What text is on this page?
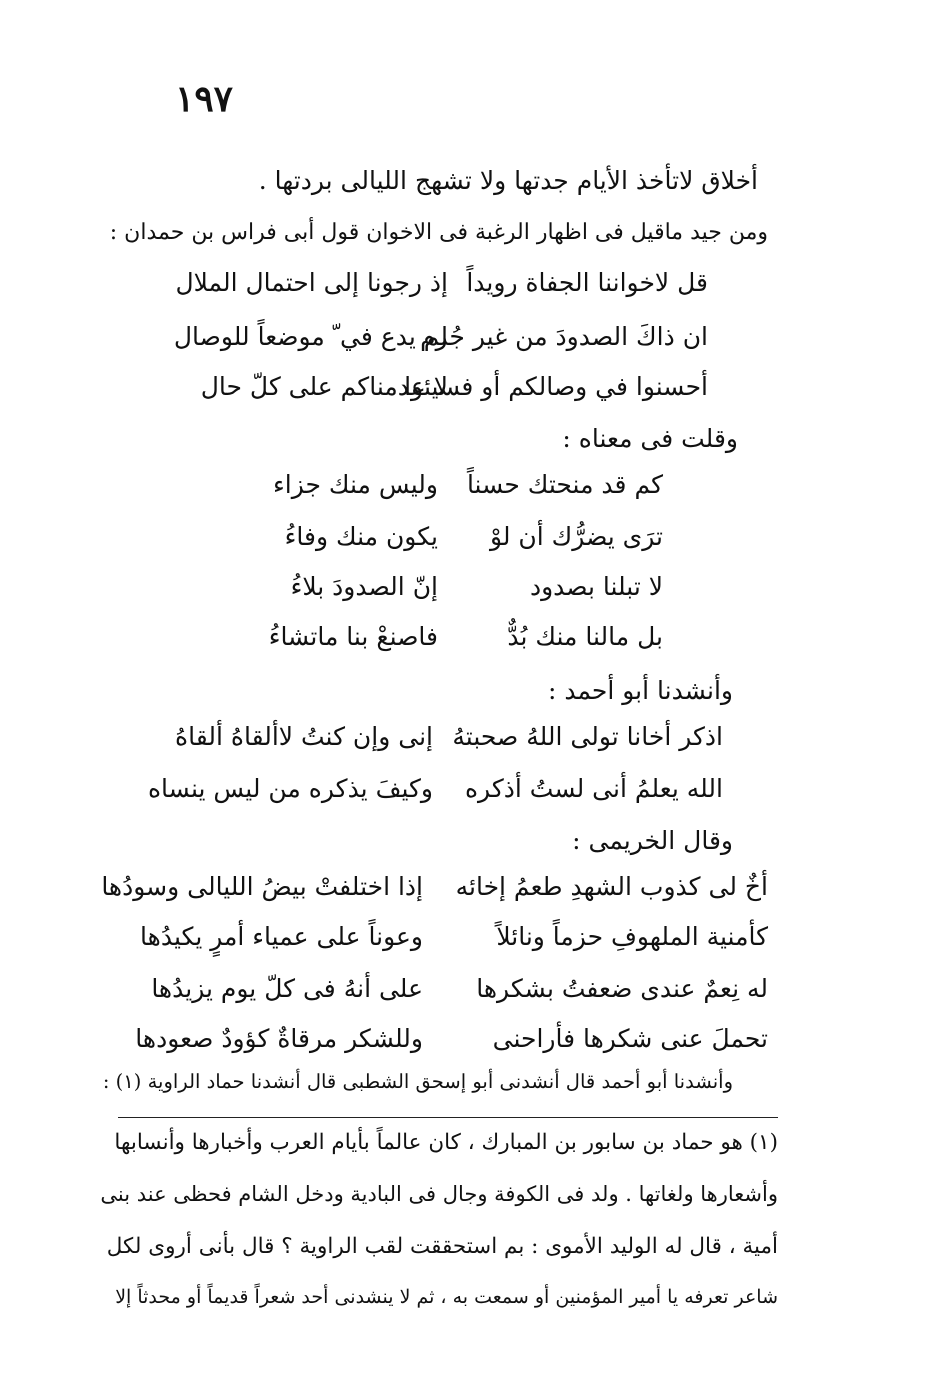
١٩٧
أخلاق لاتأخذ الأيام جدتها ولا تشهج الليالى بردتها .
ومن جيد ماقيل فى اظهار الرغبة فى الاخوان قول أبى فراس بن حمدان :
قل لاخواننا الجفاة رويداً
إذ رجونا إلى احتمال الملال
ان ذاكَ الصدودَ من غير جُرم
لم يدع في ّ موضعاً للوصال
أحسنوا في وصالكم أو فسيئوا
لا عدمناكم على كلّ حال
وقلت فى معناه :
كم قد منحتك حسناً
وليس منك جزاء
ترَى يضرُّك أن لوْ
يكون منك وفاءُ
لا تبلنا بصدود
إنّ الصدودَ بلاءُ
بل مالنا منك بُدٌّ
فاصنعْ بنا ماتشاءُ
وأنشدنا أبو أحمد :
اذكر أخانا تولى اللهُ صحبتهُ
إنى وإن كنتُ لاألقاهُ ألقاهُ
الله يعلمُ أنى لستُ أذكره
وكيفَ يذكره من ليس ينساه
وقال الخريمى :
أخٌ لى كذوب الشهدِ طعمُ إخائه
إذا اختلفتْ بيضُ الليالى وسودُها
كأمنية الملهوفِ حزماً ونائلاً
وعوناً على عمياء أمرٍ يكيدُها
له نِعمٌ عندى ضعفتُ بشكرها
على أنهُ فى كلّ يوم يزيدُها
تحملَ عنى شكرها فأراحنى
وللشكر مرقاةٌ كؤودٌ صعودها
وأنشدنا أبو أحمد قال أنشدنى أبو إسحق الشطبى قال أنشدنا حماد الراوية (١) :
(١) هو حماد بن سابور بن المبارك ، كان عالماً بأيام العرب وأخبارها وأنسابها
وأشعارها ولغاتها . ولد فى الكوفة وجال فى البادية ودخل الشام فحظى عند بنى
أمية ، قال له الوليد الأموى : بم استحققت لقب الراوية ؟ قال بأنى أروى لكل
شاعر تعرفه يا أمير المؤمنين أو سمعت به ، ثم لا ينشدنى أحد شعراً قديماً أو محدثاً إلا
